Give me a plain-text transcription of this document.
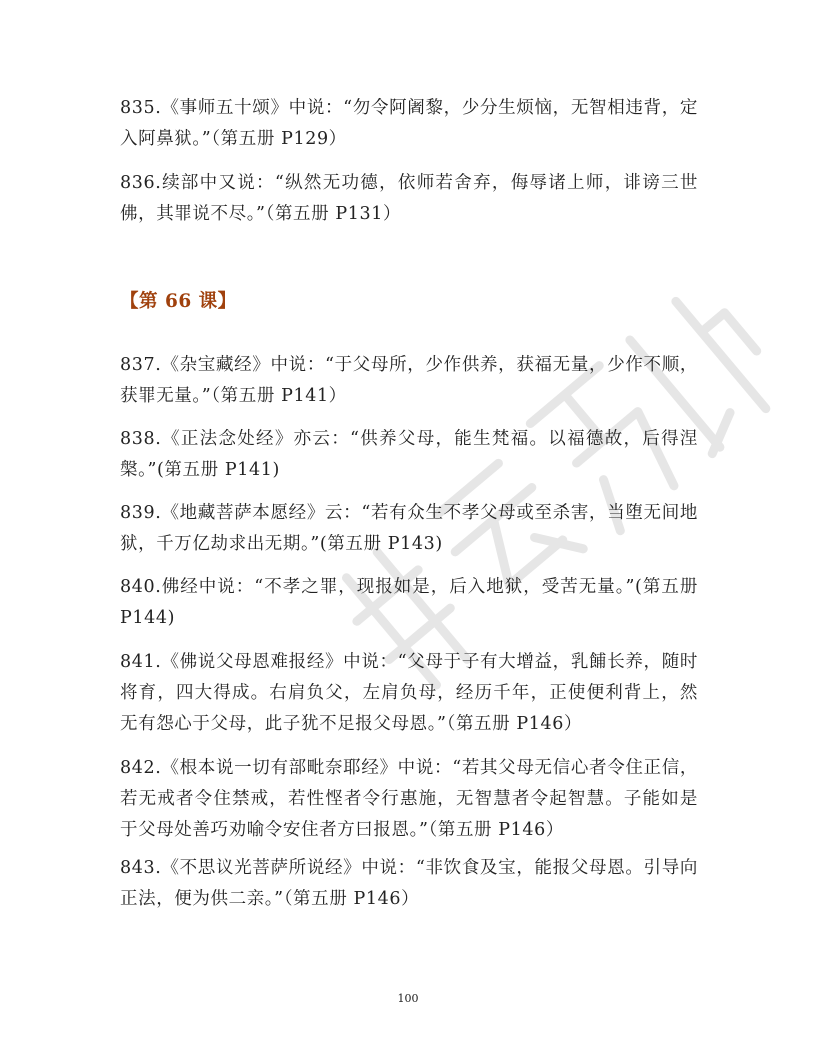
835.《事师五十颂》中说：“勿令阿阇黎，少分生烦恼，无智相违背，定入阿鼻狱。”（第五册 P129）

836.续部中又说：“纵然无功德，依师若舍弃，侮辱诸上师，诽谤三世佛，其罪说不尽。”（第五册 P131）

【第 66 课】

837.《杂宝藏经》中说：“于父母所，少作供养，获福无量，少作不顺，获罪无量。”（第五册 P141）

838.《正法念处经》亦云：“供养父母，能生梵福。以福德故，后得涅槃。”(第五册 P141)

839.《地藏菩萨本愿经》云：“若有众生不孝父母或至杀害，当堕无间地狱，千万亿劫求出无期。”(第五册 P143)

840.佛经中说：“不孝之罪，现报如是，后入地狱，受苦无量。”(第五册 P144)

841.《佛说父母恩难报经》中说：“父母于子有大增益，乳餔长养，随时将育，四大得成。右肩负父，左肩负母，经历千年，正使便利背上，然无有怨心于父母，此子犹不足报父母恩。”（第五册 P146）

842.《根本说一切有部毗奈耶经》中说：“若其父母无信心者令住正信，若无戒者令住禁戒，若性悭者令行惠施，无智慧者令起智慧。子能如是于父母处善巧劝喻令安住者方曰报恩。”（第五册 P146）

843.《不思议光菩萨所说经》中说：“非饮食及宝，能报父母恩。引导向正法，便为供二亲。”（第五册 P146）

100
